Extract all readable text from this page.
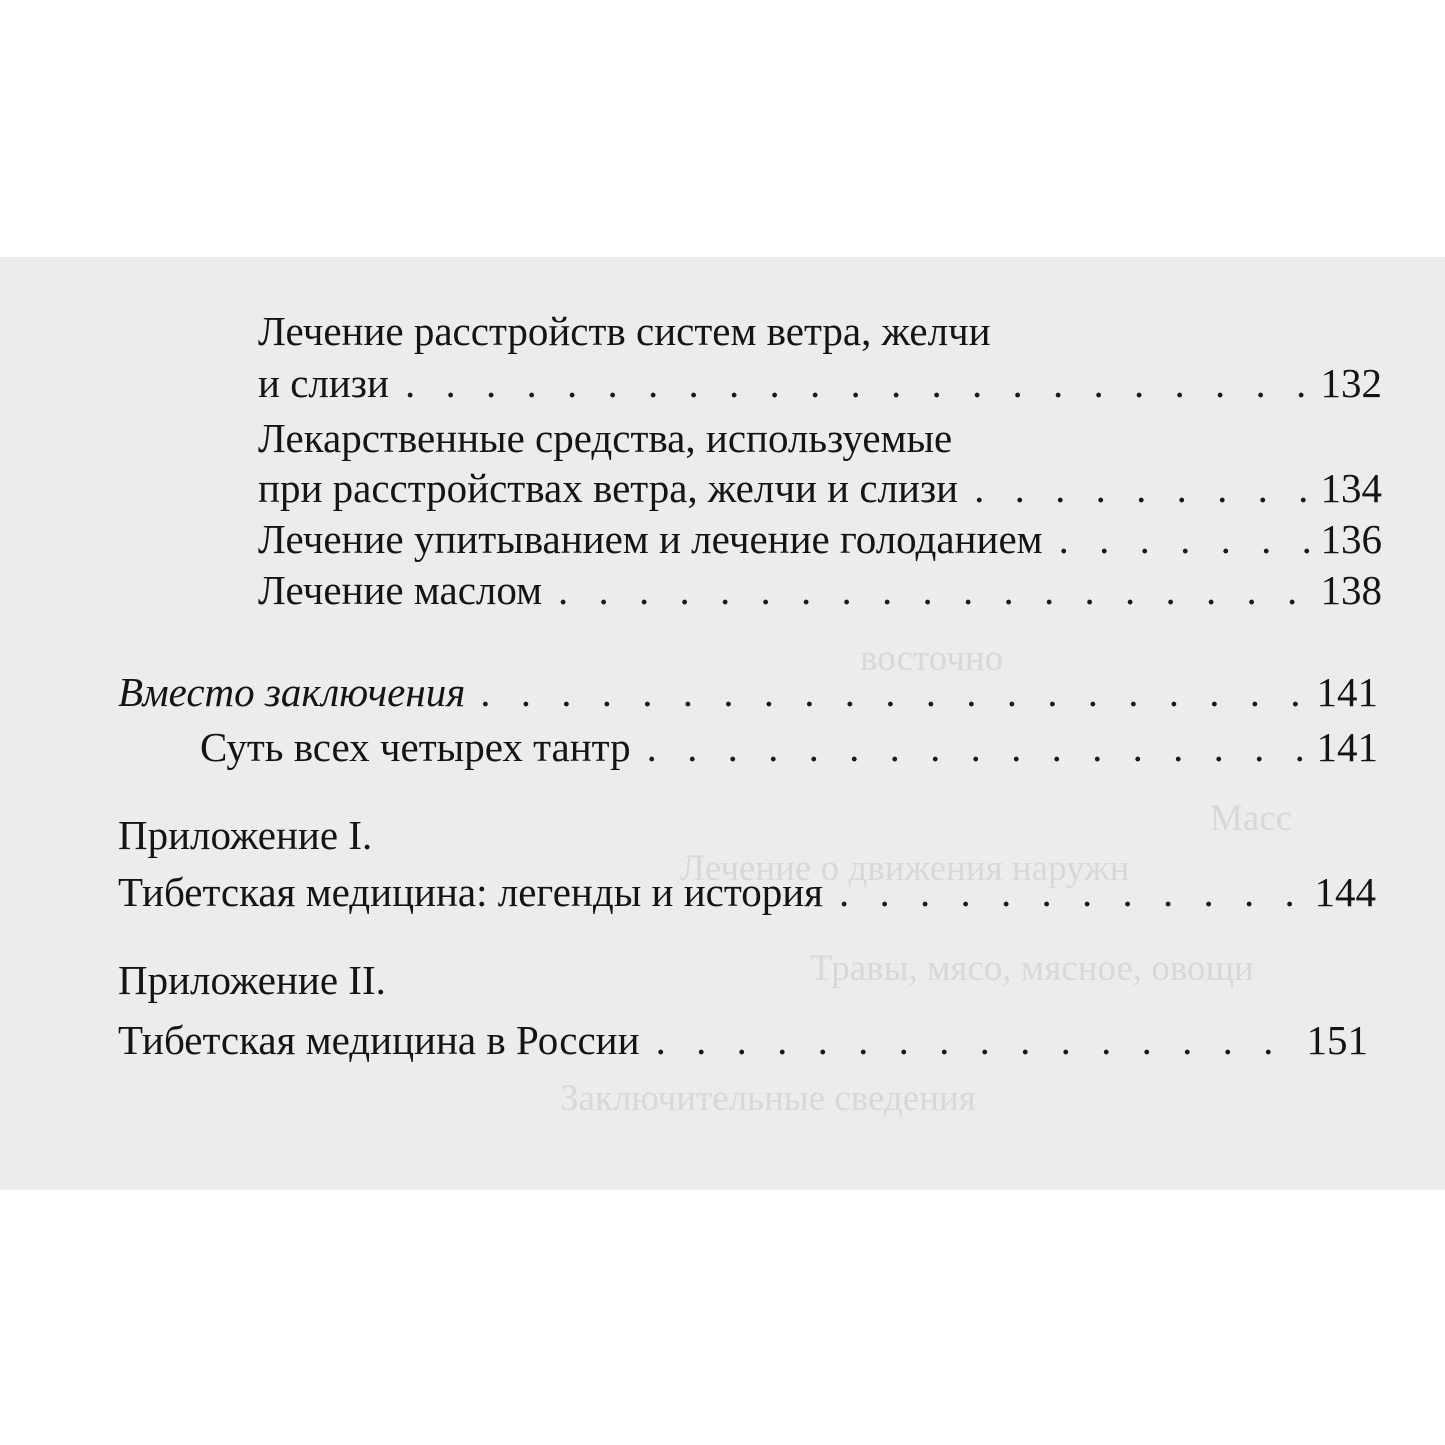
восточно
Масс
Лечение о движения наружн
Травы, мясо, мясное, овощи
Заключительные сведения
Лечение расстройств систем ветра, желчи
и слизи . . .	132
Лекарственные средства, используемые
при расстройствах ветра, желчи и слизи . . .	134
Лечение упитыванием и лечение голоданием . . .	136
Лечение маслом . . .	138
Вместо заключения . . .	141
Суть всех четырех тантр . . .	141
Приложение I.
Тибетская медицина: легенды и история . . .	144
Приложение II.
Тибетская медицина в России . . .	151
